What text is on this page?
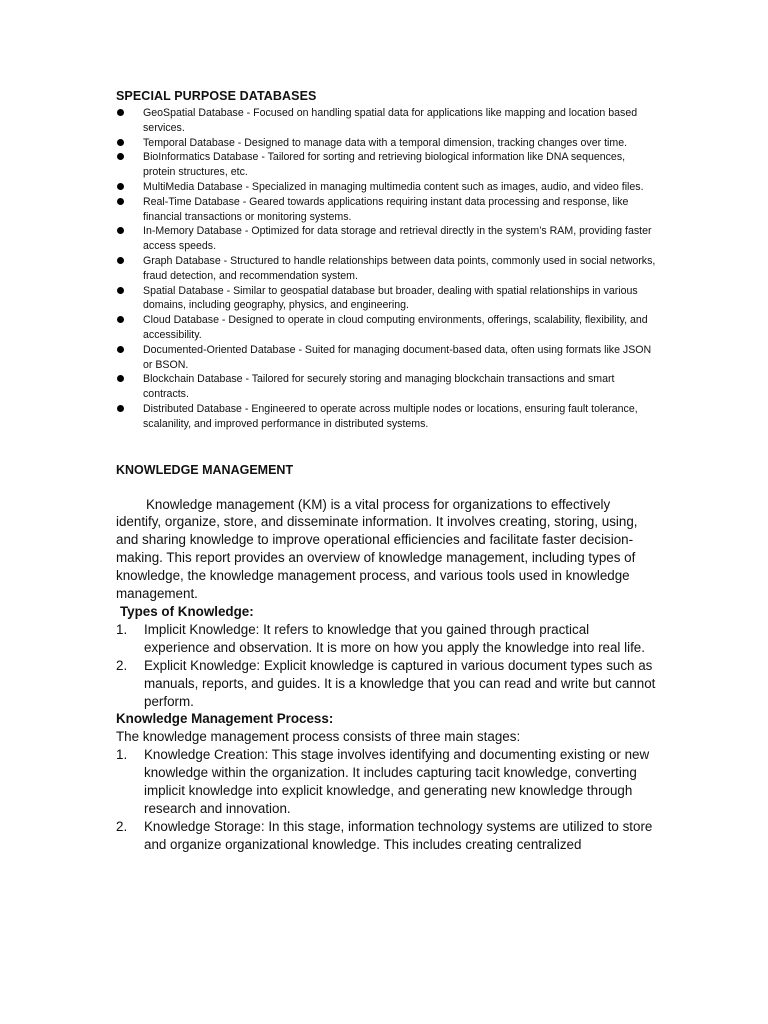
SPECIAL PURPOSE DATABASES
GeoSpatial Database - Focused on handling spatial data for applications like mapping and location based services.
Temporal Database - Designed to manage data with a temporal dimension, tracking changes over time.
BioInformatics Database - Tailored for sorting and retrieving biological information like DNA sequences, protein structures, etc.
MultiMedia Database - Specialized in managing multimedia content such as images, audio, and video files.
Real-Time Database - Geared towards applications requiring instant data processing and response, like financial transactions or monitoring systems.
In-Memory Database - Optimized for data storage and retrieval directly in the system’s RAM, providing faster access speeds.
Graph Database - Structured to handle relationships between data points, commonly used in social networks, fraud detection, and recommendation system.
Spatial Database - Similar to geospatial database but broader, dealing with spatial relationships in various domains, including geography, physics, and engineering.
Cloud Database - Designed to operate in cloud computing environments, offerings, scalability, flexibility, and accessibility.
Documented-Oriented Database - Suited for managing document-based data, often using formats like JSON or BSON.
Blockchain Database - Tailored for securely storing and managing blockchain transactions and smart contracts.
Distributed Database - Engineered to operate across multiple nodes or locations, ensuring fault tolerance, scalanility, and improved performance in distributed systems.
KNOWLEDGE MANAGEMENT

Knowledge management (KM) is a vital process for organizations to effectively identify, organize, store, and disseminate information. It involves creating, storing, using, and sharing knowledge to improve operational efficiencies and facilitate faster decision-making. This report provides an overview of knowledge management, including types of knowledge, the knowledge management process, and various tools used in knowledge management.

Types of Knowledge:
1. Implicit Knowledge: It refers to knowledge that you gained through practical experience and observation. It is more on how you apply the knowledge into real life.
2. Explicit Knowledge: Explicit knowledge is captured in various document types such as manuals, reports, and guides. It is a knowledge that you can read and write but cannot perform.
Knowledge Management Process:
The knowledge management process consists of three main stages:
1. Knowledge Creation: This stage involves identifying and documenting existing or new knowledge within the organization. It includes capturing tacit knowledge, converting implicit knowledge into explicit knowledge, and generating new knowledge through research and innovation.
2. Knowledge Storage: In this stage, information technology systems are utilized to store and organize organizational knowledge. This includes creating centralized
